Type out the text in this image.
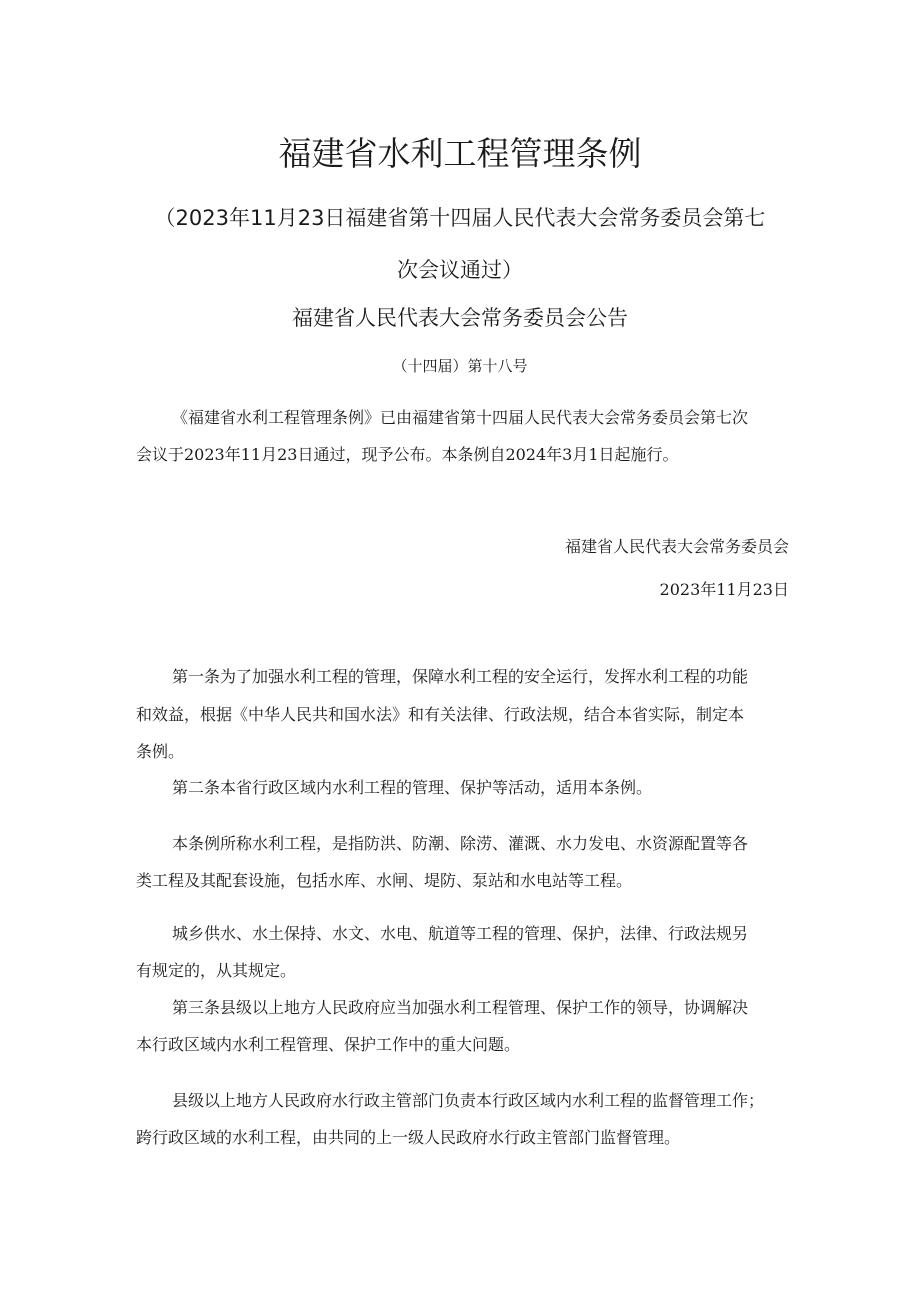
福建省水利工程管理条例
（2023年11月23日福建省第十四届人民代表大会常务委员会第七
次会议通过）
福建省人民代表大会常务委员会公告
（十四届）第十八号
《福建省水利工程管理条例》已由福建省第十四届人民代表大会常务委员会第七次
会议于2023年11月23日通过，现予公布。本条例自2024年3月1日起施行。
福建省人民代表大会常务委员会
2023年11月23日
第一条为了加强水利工程的管理，保障水利工程的安全运行，发挥水利工程的功能
和效益，根据《中华人民共和国水法》和有关法律、行政法规，结合本省实际，制定本
条例。
第二条本省行政区域内水利工程的管理、保护等活动，适用本条例。
本条例所称水利工程，是指防洪、防潮、除涝、灌溉、水力发电、水资源配置等各
类工程及其配套设施，包括水库、水闸、堤防、泵站和水电站等工程。
城乡供水、水土保持、水文、水电、航道等工程的管理、保护，法律、行政法规另
有规定的，从其规定。
第三条县级以上地方人民政府应当加强水利工程管理、保护工作的领导，协调解决
本行政区域内水利工程管理、保护工作中的重大问题。
县级以上地方人民政府水行政主管部门负责本行政区域内水利工程的监督管理工作；
跨行政区域的水利工程，由共同的上一级人民政府水行政主管部门监督管理。
